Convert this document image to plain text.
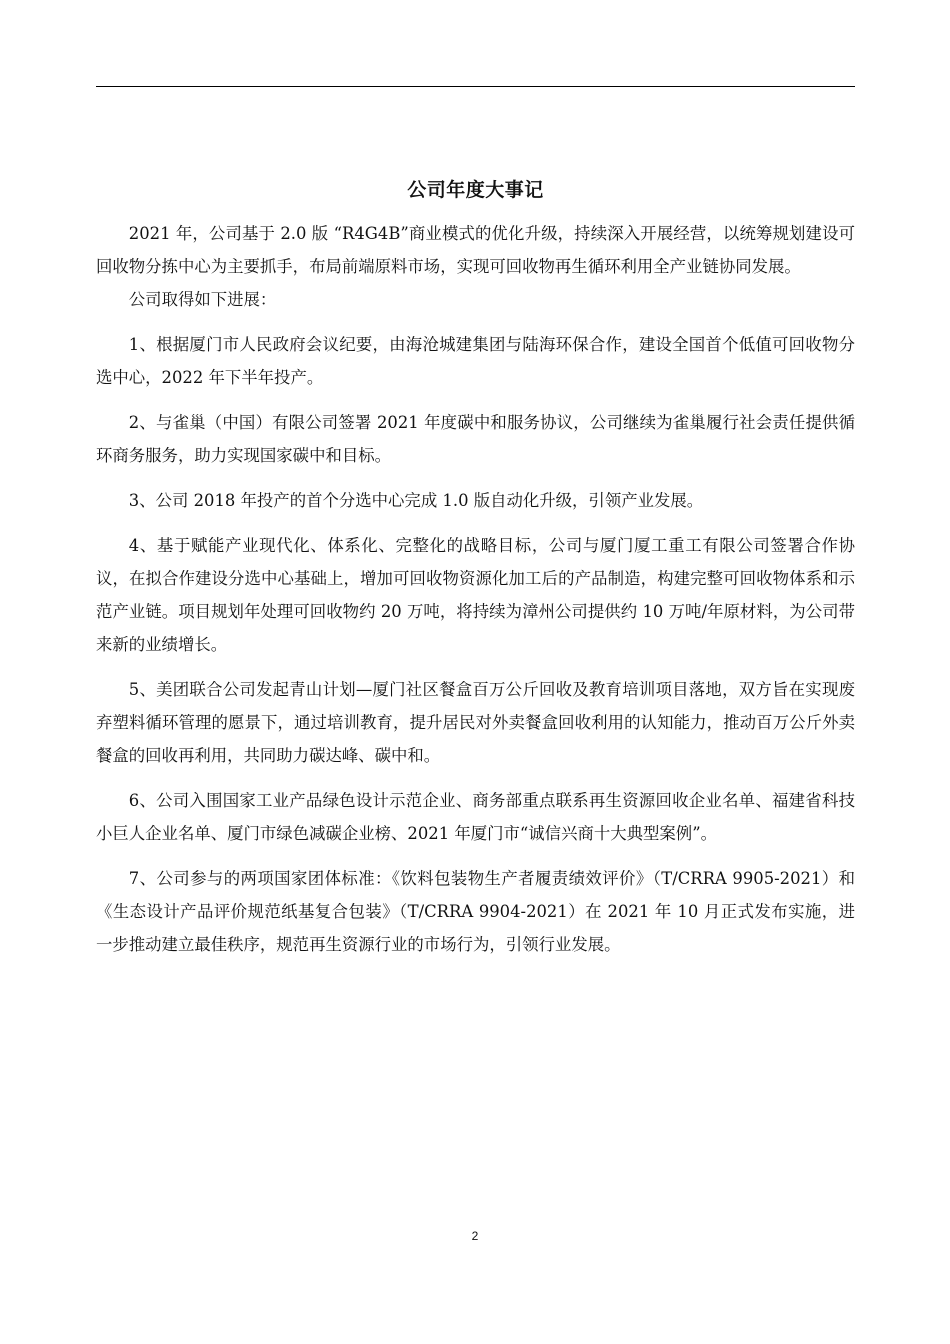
公司年度大事记

2021 年，公司基于 2.0 版 “R4G4B”商业模式的优化升级，持续深入开展经营，以统筹规划建设可回收物分拣中心为主要抓手，布局前端原料市场，实现可回收物再生循环利用全产业链协同发展。

公司取得如下进展：

1、根据厦门市人民政府会议纪要，由海沧城建集团与陆海环保合作，建设全国首个低值可回收物分选中心，2022 年下半年投产。

2、与雀巢（中国）有限公司签署 2021 年度碳中和服务协议，公司继续为雀巢履行社会责任提供循环商务服务，助力实现国家碳中和目标。

3、公司 2018 年投产的首个分选中心完成 1.0 版自动化升级，引领产业发展。

4、基于赋能产业现代化、体系化、完整化的战略目标，公司与厦门厦工重工有限公司签署合作协议，在拟合作建设分选中心基础上，增加可回收物资源化加工后的产品制造，构建完整可回收物体系和示范产业链。项目规划年处理可回收物约 20 万吨，将持续为漳州公司提供约 10 万吨/年原材料，为公司带来新的业绩增长。

5、美团联合公司发起青山计划—厦门社区餐盒百万公斤回收及教育培训项目落地，双方旨在实现废弃塑料循环管理的愿景下，通过培训教育，提升居民对外卖餐盒回收利用的认知能力，推动百万公斤外卖餐盒的回收再利用，共同助力碳达峰、碳中和。

6、公司入围国家工业产品绿色设计示范企业、商务部重点联系再生资源回收企业名单、福建省科技小巨人企业名单、厦门市绿色减碳企业榜、2021 年厦门市“诚信兴商十大典型案例”。

7、公司参与的两项国家团体标准：《饮料包装物生产者履责绩效评价》（T/CRRA 9905-2021）和《生态设计产品评价规范纸基复合包装》（T/CRRA 9904-2021）在 2021 年 10 月正式发布实施，进一步推动建立最佳秩序，规范再生资源行业的市场行为，引领行业发展。

2
